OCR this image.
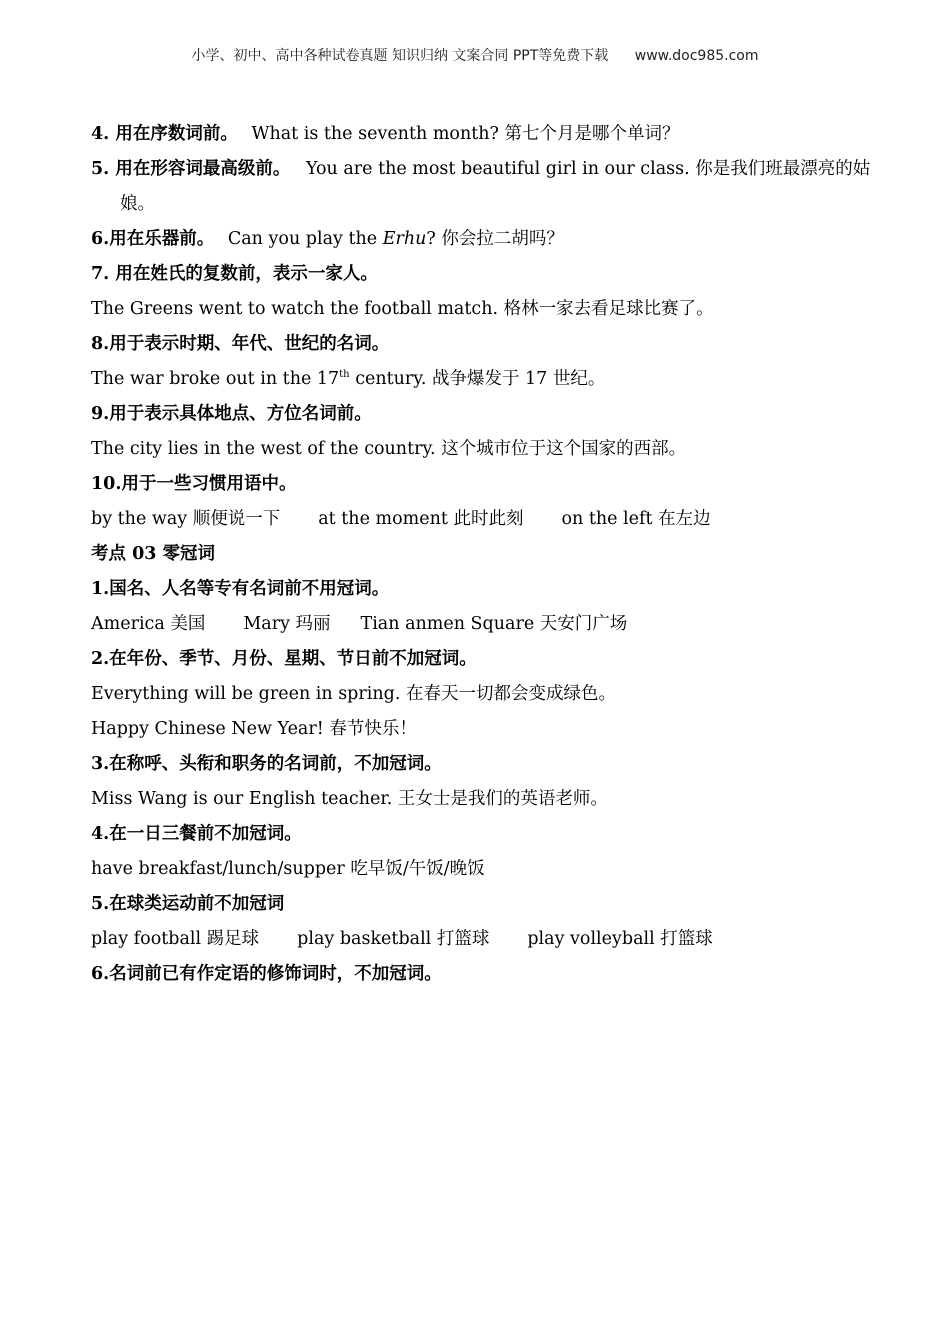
小学、初中、高中各种试卷真题 知识归纳 文案合同 PPT等免费下载 www.doc985.com
4. 用在序数词前。 What is the seventh month? 第七个月是哪个单词？
5. 用在形容词最高级前。 You are the most beautiful girl in our class. 你是我们班最漂亮的姑
娘。
6.用在乐器前。 Can you play the Erhu? 你会拉二胡吗？
7. 用在姓氏的复数前，表示一家人。
The Greens went to watch the football match. 格林一家去看足球比赛了。
8.用于表示时期、年代、世纪的名词。
The war broke out in the 17th century. 战争爆发于 17 世纪。
9.用于表示具体地点、方位名词前。
The city lies in the west of the country. 这个城市位于这个国家的西部。
10.用于一些习惯用语中。
by the way 顺便说一下 at the moment 此时此刻 on the left 在左边
考点 03 零冠词
1.国名、人名等专有名词前不用冠词。
America 美国 Mary 玛丽 Tian anmen Square 天安门广场
2.在年份、季节、月份、星期、节日前不加冠词。
Everything will be green in spring. 在春天一切都会变成绿色。
Happy Chinese New Year! 春节快乐！
3.在称呼、头衔和职务的名词前，不加冠词。
Miss Wang is our English teacher. 王女士是我们的英语老师。
4.在一日三餐前不加冠词。
have breakfast/lunch/supper 吃早饭/午饭/晚饭
5.在球类运动前不加冠词
play football 踢足球 play basketball 打篮球 play volleyball 打篮球
6.名词前已有作定语的修饰词时，不加冠词。
